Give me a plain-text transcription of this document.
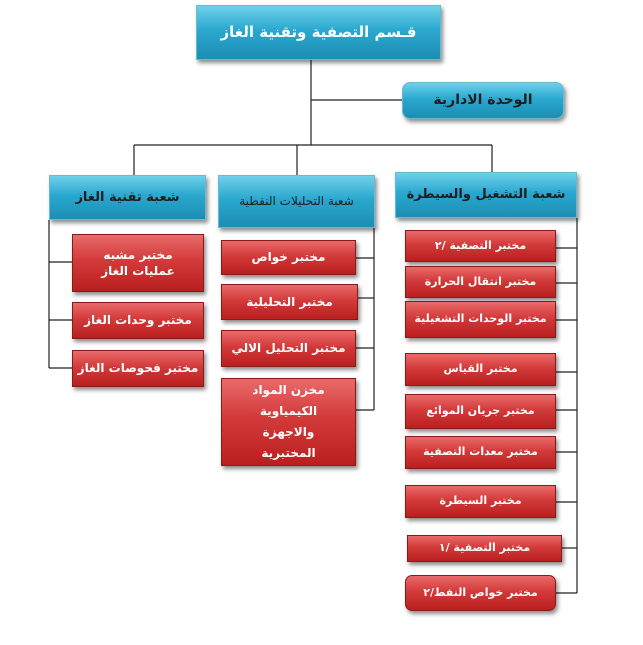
قـسم التصفية وتقنية الغاز
الوحدة الادارية
شعبة تقنية الغاز	شعبة التحليلات النفطية	شعبة التشغيل والسيطرة
مختبر مشبه عمليات الغاز
مختبر وحدات الغاز
مختبر فحوصات الغاز
مختبر خواص
مختبر التحليلية
مختبر التحليل الالي
مخزن المواد الكيمياوية والاجهزة المختبرية
مختبر التصفية /٢
مختبر انتقال الحرارة
مختبر الوحدات التشغيلية
مختبر القياس
مختبر جريان الموائع
مختبر معدات التصفية
مختبر السيطرة
مختبر التصفية /١
مختبر خواص النفط/٢
